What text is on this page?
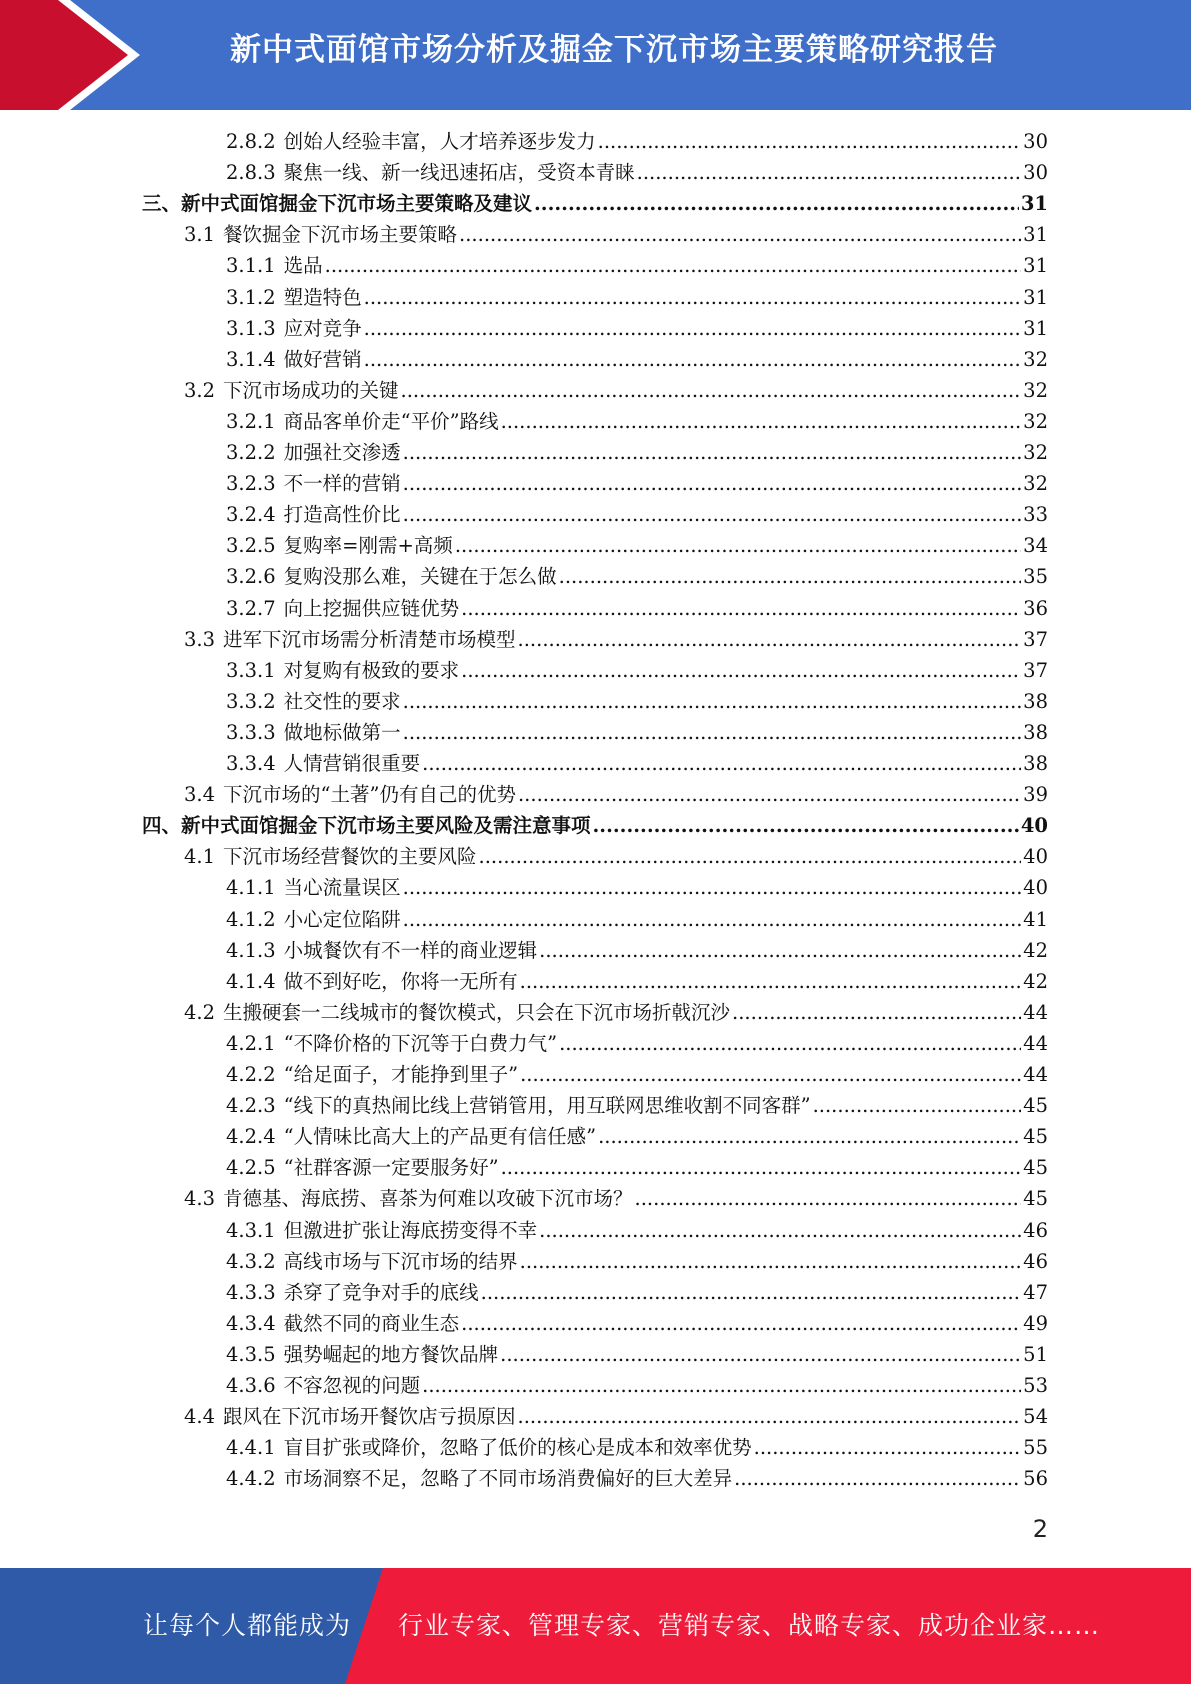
新中式面馆市场分析及掘金下沉市场主要策略研究报告
2.8.2 创始人经验丰富，人才培养逐步发力 .....	30
2.8.3 聚焦一线、新一线迅速拓店，受资本青睐 .....	30
三、新中式面馆掘金下沉市场主要策略及建议 .....	31
3.1 餐饮掘金下沉市场主要策略 .....	31
3.1.1 选品 .....	31
3.1.2 塑造特色 .....	31
3.1.3 应对竞争 .....	31
3.1.4 做好营销 .....	32
3.2 下沉市场成功的关键 .....	32
3.2.1 商品客单价走“平价”路线 .....	32
3.2.2 加强社交渗透 .....	32
3.2.3 不一样的营销 .....	32
3.2.4 打造高性价比 .....	33
3.2.5 复购率=刚需+高频 .....	34
3.2.6 复购没那么难，关键在于怎么做 .....	35
3.2.7 向上挖掘供应链优势 .....	36
3.3 进军下沉市场需分析清楚市场模型 .....	37
3.3.1 对复购有极致的要求 .....	37
3.3.2 社交性的要求 .....	38
3.3.3 做地标做第一 .....	38
3.3.4 人情营销很重要 .....	38
3.4 下沉市场的“土著”仍有自己的优势 .....	39
四、新中式面馆掘金下沉市场主要风险及需注意事项 .....	40
4.1 下沉市场经营餐饮的主要风险 .....	40
4.1.1 当心流量误区 .....	40
4.1.2 小心定位陷阱 .....	41
4.1.3 小城餐饮有不一样的商业逻辑 .....	42
4.1.4 做不到好吃，你将一无所有 .....	42
4.2 生搬硬套一二线城市的餐饮模式，只会在下沉市场折戟沉沙 .....	44
4.2.1 “不降价格的下沉等于白费力气” .....	44
4.2.2 “给足面子，才能挣到里子” .....	44
4.2.3 “线下的真热闹比线上营销管用，用互联网思维收割不同客群” .....	45
4.2.4 “人情味比高大上的产品更有信任感” .....	45
4.2.5 “社群客源一定要服务好” .....	45
4.3 肯德基、海底捞、喜茶为何难以攻破下沉市场？ .....	45
4.3.1 但激进扩张让海底捞变得不幸 .....	46
4.3.2 高线市场与下沉市场的结界 .....	46
4.3.3 杀穿了竞争对手的底线 .....	47
4.3.4 截然不同的商业生态 .....	49
4.3.5 强势崛起的地方餐饮品牌 .....	51
4.3.6 不容忽视的问题 .....	53
4.4 跟风在下沉市场开餐饮店亏损原因 .....	54
4.4.1 盲目扩张或降价，忽略了低价的核心是成本和效率优势 .....	55
4.4.2 市场洞察不足，忽略了不同市场消费偏好的巨大差异 .....	56
2
让每个人都能成为 行业专家、管理专家、营销专家、战略专家、成功企业家……
